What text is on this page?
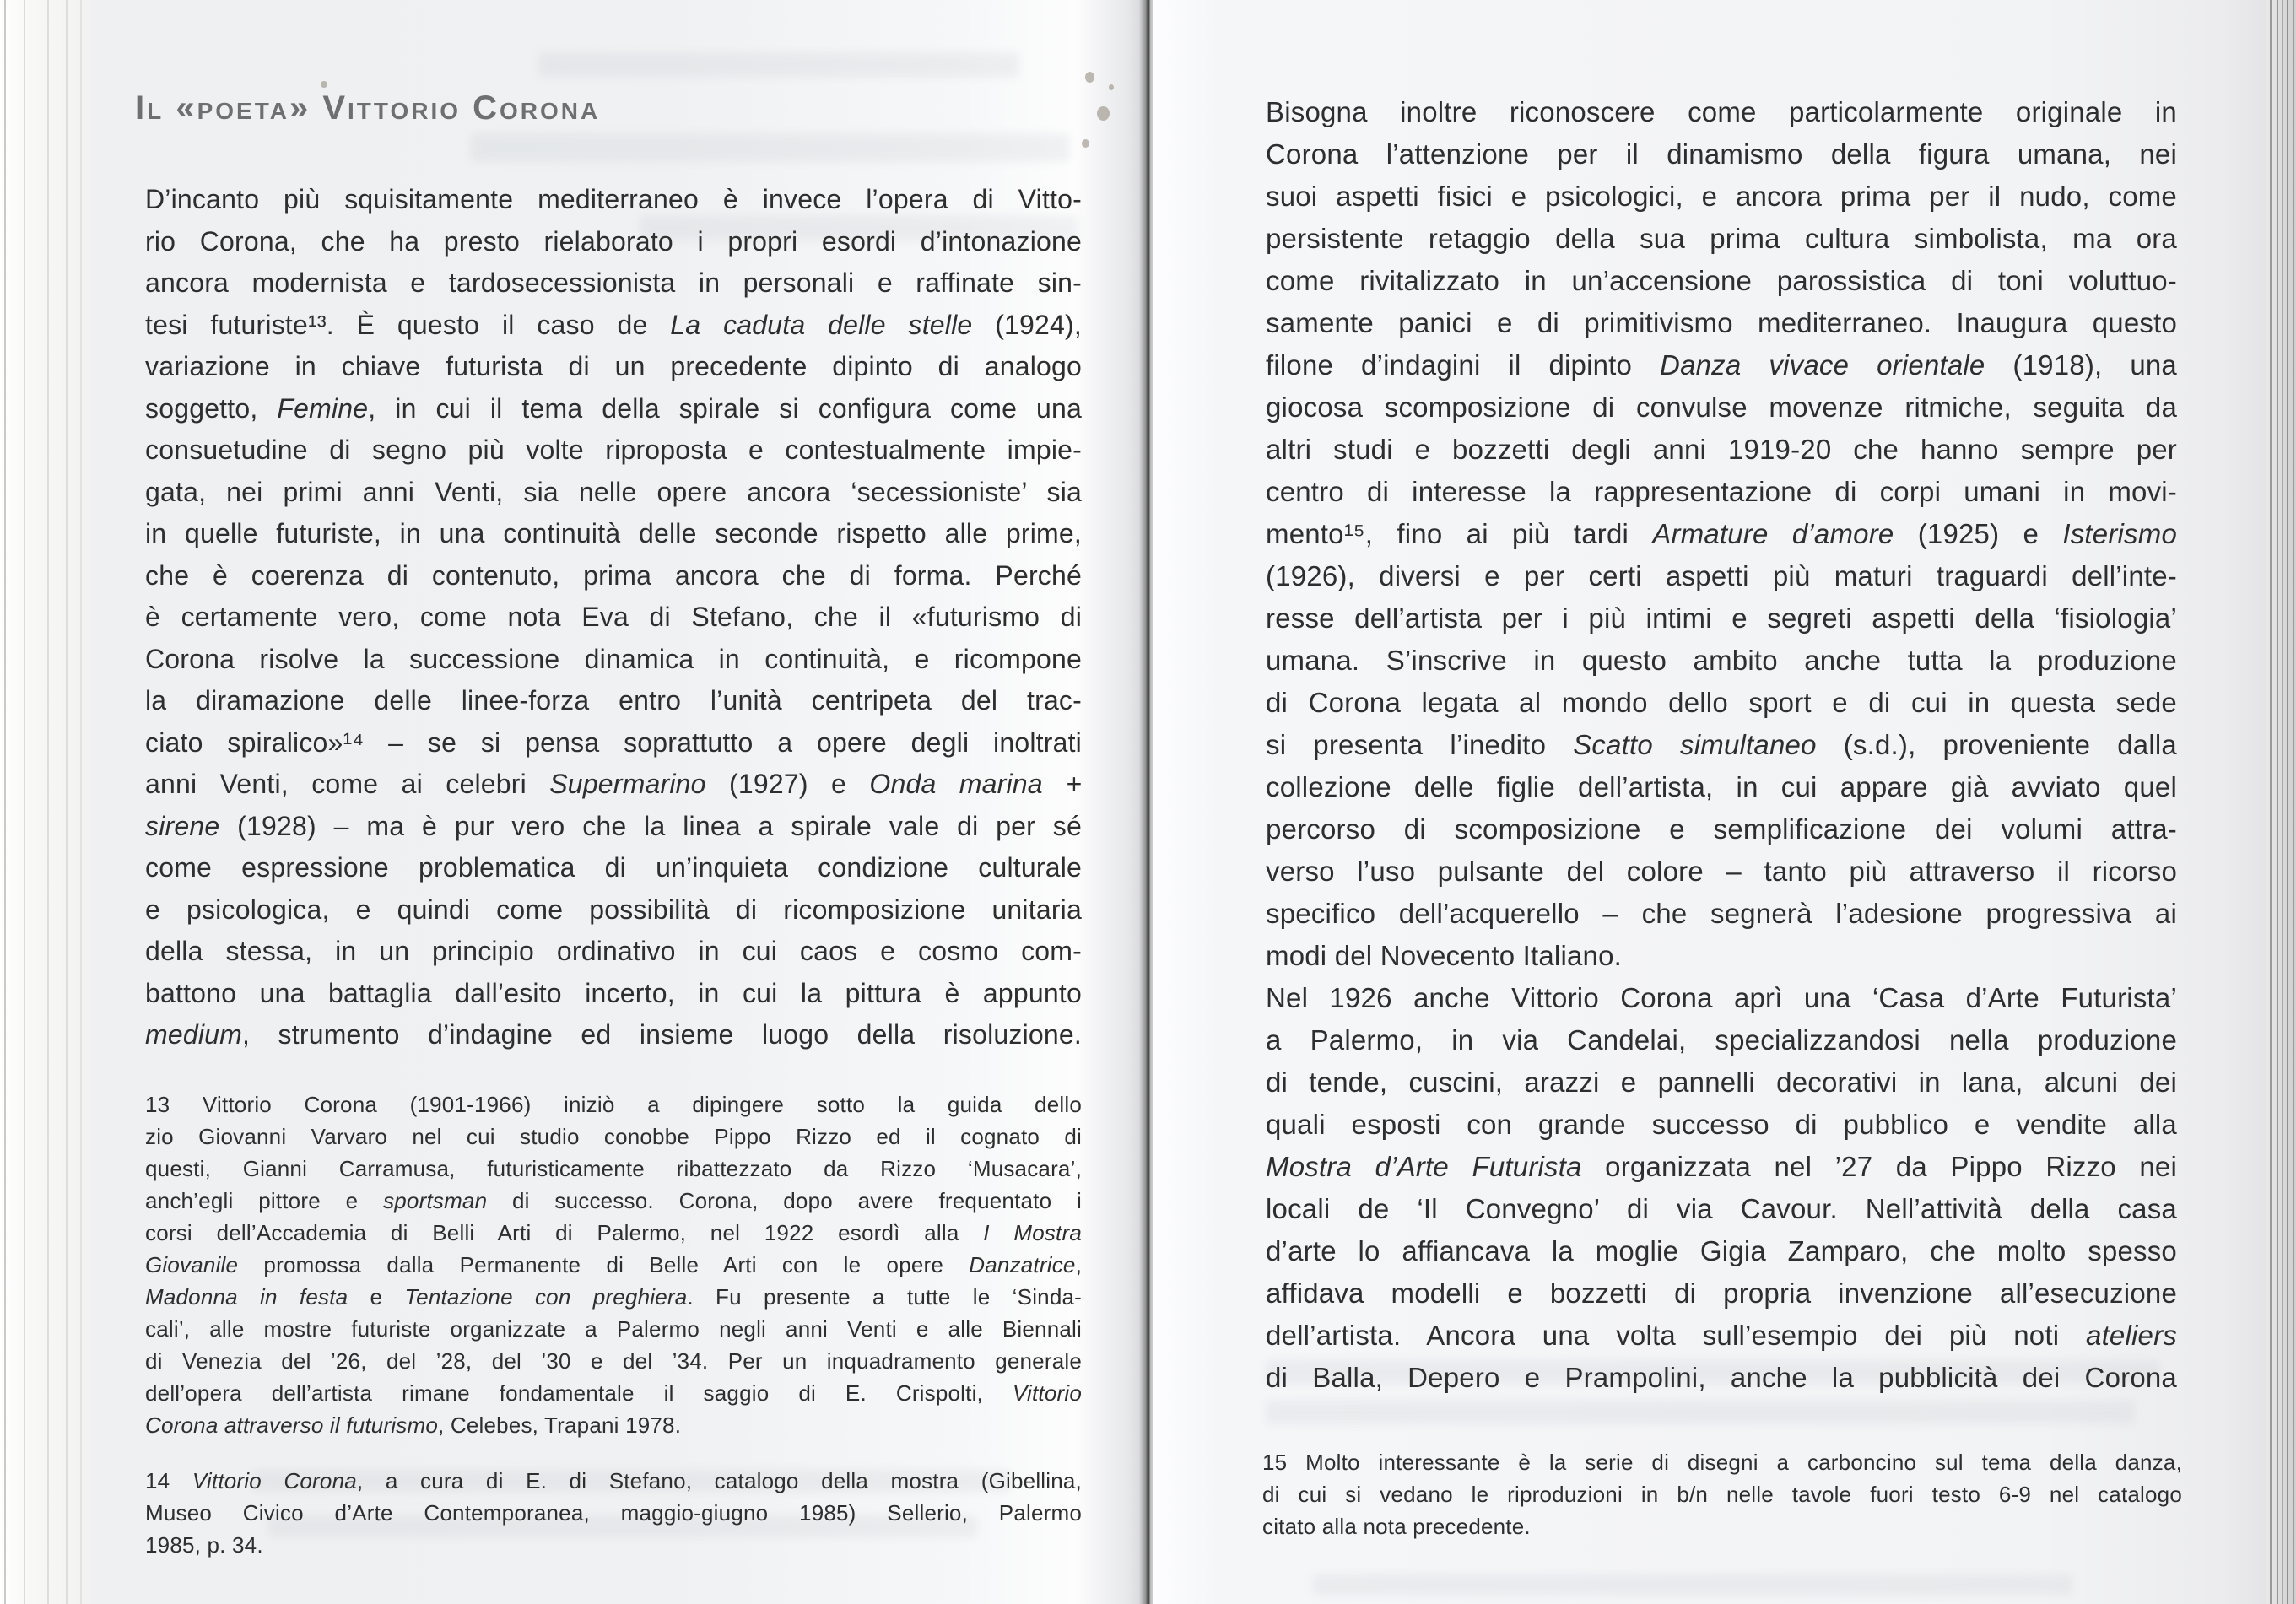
Il «poeta» Vittorio Corona
D’incanto più squisitamente mediterraneo è invece l’opera di Vitto-
rio Corona, che ha presto rielaborato i propri esordi d’intonazione
ancora modernista e tardosecessionista in personali e raffinate sin-
tesi futuriste¹³. È questo il caso de La caduta delle stelle (1924),
variazione in chiave futurista di un precedente dipinto di analogo
soggetto, Femine, in cui il tema della spirale si configura come una
consuetudine di segno più volte riproposta e contestualmente impie-
gata, nei primi anni Venti, sia nelle opere ancora ‘secessioniste’ sia
in quelle futuriste, in una continuità delle seconde rispetto alle prime,
che è coerenza di contenuto, prima ancora che di forma. Perché
è certamente vero, come nota Eva di Stefano, che il «futurismo di
Corona risolve la successione dinamica in continuità, e ricompone
la diramazione delle linee-forza entro l’unità centripeta del trac-
ciato spiralico»¹⁴ – se si pensa soprattutto a opere degli inoltrati
anni Venti, come ai celebri Supermarino (1927) e Onda marina +
sirene (1928) – ma è pur vero che la linea a spirale vale di per sé
come espressione problematica di un’inquieta condizione culturale
e psicologica, e quindi come possibilità di ricomposizione unitaria
della stessa, in un principio ordinativo in cui caos e cosmo com-
battono una battaglia dall’esito incerto, in cui la pittura è appunto
medium, strumento d’indagine ed insieme luogo della risoluzione.
13 Vittorio Corona (1901-1966) iniziò a dipingere sotto la guida dello
zio Giovanni Varvaro nel cui studio conobbe Pippo Rizzo ed il cognato di
questi, Gianni Carramusa, futuristicamente ribattezzato da Rizzo ‘Musacara’,
anch’egli pittore e sportsman di successo. Corona, dopo avere frequentato i
corsi dell’Accademia di Belli Arti di Palermo, nel 1922 esordì alla I Mostra
Giovanile promossa dalla Permanente di Belle Arti con le opere Danzatrice,
Madonna in festa e Tentazione con preghiera. Fu presente a tutte le ‘Sinda-
cali’, alle mostre futuriste organizzate a Palermo negli anni Venti e alle Biennali
di Venezia del ’26, del ’28, del ’30 e del ’34. Per un inquadramento generale
dell’opera dell’artista rimane fondamentale il saggio di E. Crispolti, Vittorio
Corona attraverso il futurismo, Celebes, Trapani 1978.
14 Vittorio Corona, a cura di E. di Stefano, catalogo della mostra (Gibellina,
Museo Civico d’Arte Contemporanea, maggio-giugno 1985) Sellerio, Palermo
1985, p. 34.
Bisogna inoltre riconoscere come particolarmente originale in
Corona l’attenzione per il dinamismo della figura umana, nei
suoi aspetti fisici e psicologici, e ancora prima per il nudo, come
persistente retaggio della sua prima cultura simbolista, ma ora
come rivitalizzato in un’accensione parossistica di toni voluttuo-
samente panici e di primitivismo mediterraneo. Inaugura questo
filone d’indagini il dipinto Danza vivace orientale (1918), una
giocosa scomposizione di convulse movenze ritmiche, seguita da
altri studi e bozzetti degli anni 1919-20 che hanno sempre per
centro di interesse la rappresentazione di corpi umani in movi-
mento¹⁵, fino ai più tardi Armature d’amore (1925) e Isterismo
(1926), diversi e per certi aspetti più maturi traguardi dell’inte-
resse dell’artista per i più intimi e segreti aspetti della ‘fisiologia’
umana. S’inscrive in questo ambito anche tutta la produzione
di Corona legata al mondo dello sport e di cui in questa sede
si presenta l’inedito Scatto simultaneo (s.d.), proveniente dalla
collezione delle figlie dell’artista, in cui appare già avviato quel
percorso di scomposizione e semplificazione dei volumi attra-
verso l’uso pulsante del colore – tanto più attraverso il ricorso
specifico dell’acquerello – che segnerà l’adesione progressiva ai
modi del Novecento Italiano.
Nel 1926 anche Vittorio Corona aprì una ‘Casa d’Arte Futurista’
a Palermo, in via Candelai, specializzandosi nella produzione
di tende, cuscini, arazzi e pannelli decorativi in lana, alcuni dei
quali esposti con grande successo di pubblico e vendite alla
Mostra d’Arte Futurista organizzata nel ’27 da Pippo Rizzo nei
locali de ‘Il Convegno’ di via Cavour. Nell’attività della casa
d’arte lo affiancava la moglie Gigia Zamparo, che molto spesso
affidava modelli e bozzetti di propria invenzione all’esecuzione
dell’artista. Ancora una volta sull’esempio dei più noti ateliers
di Balla, Depero e Prampolini, anche la pubblicità dei Corona
15 Molto interessante è la serie di disegni a carboncino sul tema della danza,
di cui si vedano le riproduzioni in b/n nelle tavole fuori testo 6-9 nel catalogo
citato alla nota precedente.
